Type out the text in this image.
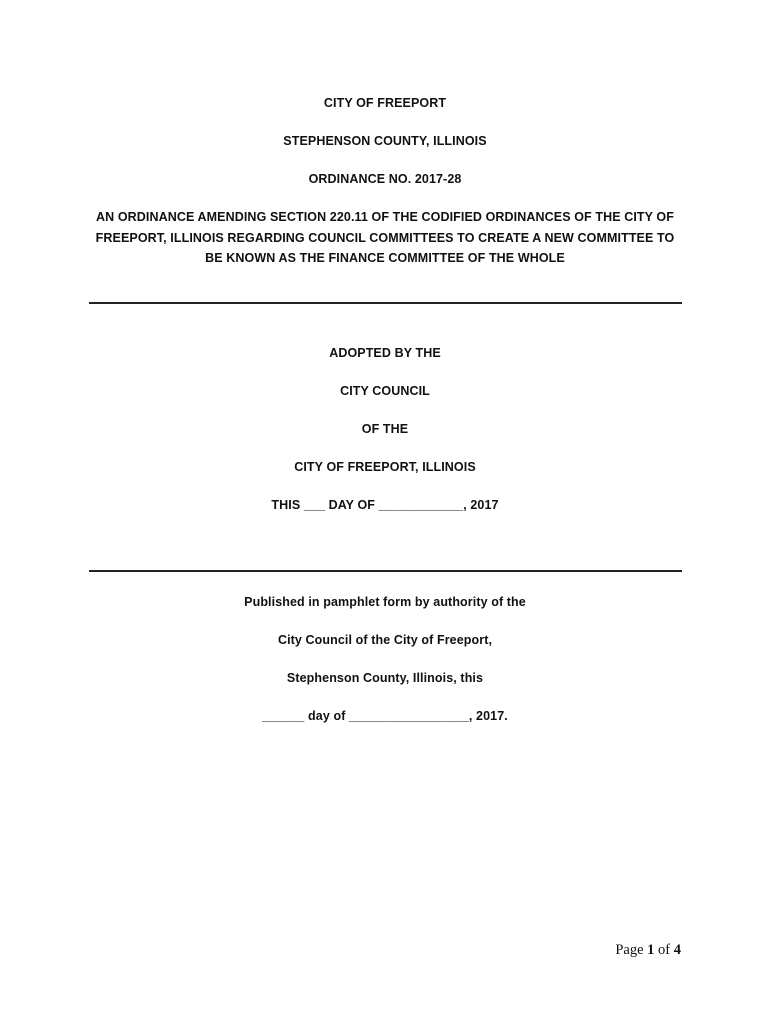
CITY OF FREEPORT
STEPHENSON COUNTY, ILLINOIS
ORDINANCE NO. 2017-28
AN ORDINANCE AMENDING SECTION 220.11 OF THE CODIFIED ORDINANCES OF THE CITY OF
FREEPORT, ILLINOIS REGARDING COUNCIL COMMITTEES TO CREATE A NEW COMMITTEE TO
BE KNOWN AS THE FINANCE COMMITTEE OF THE WHOLE
ADOPTED BY THE
CITY COUNCIL
OF THE
CITY OF FREEPORT, ILLINOIS
THIS ___ DAY OF ____________, 2017
Published in pamphlet form by authority of the
City Council of the City of Freeport,
Stephenson County, Illinois, this
______ day of _________________, 2017.
Page 1 of 4
